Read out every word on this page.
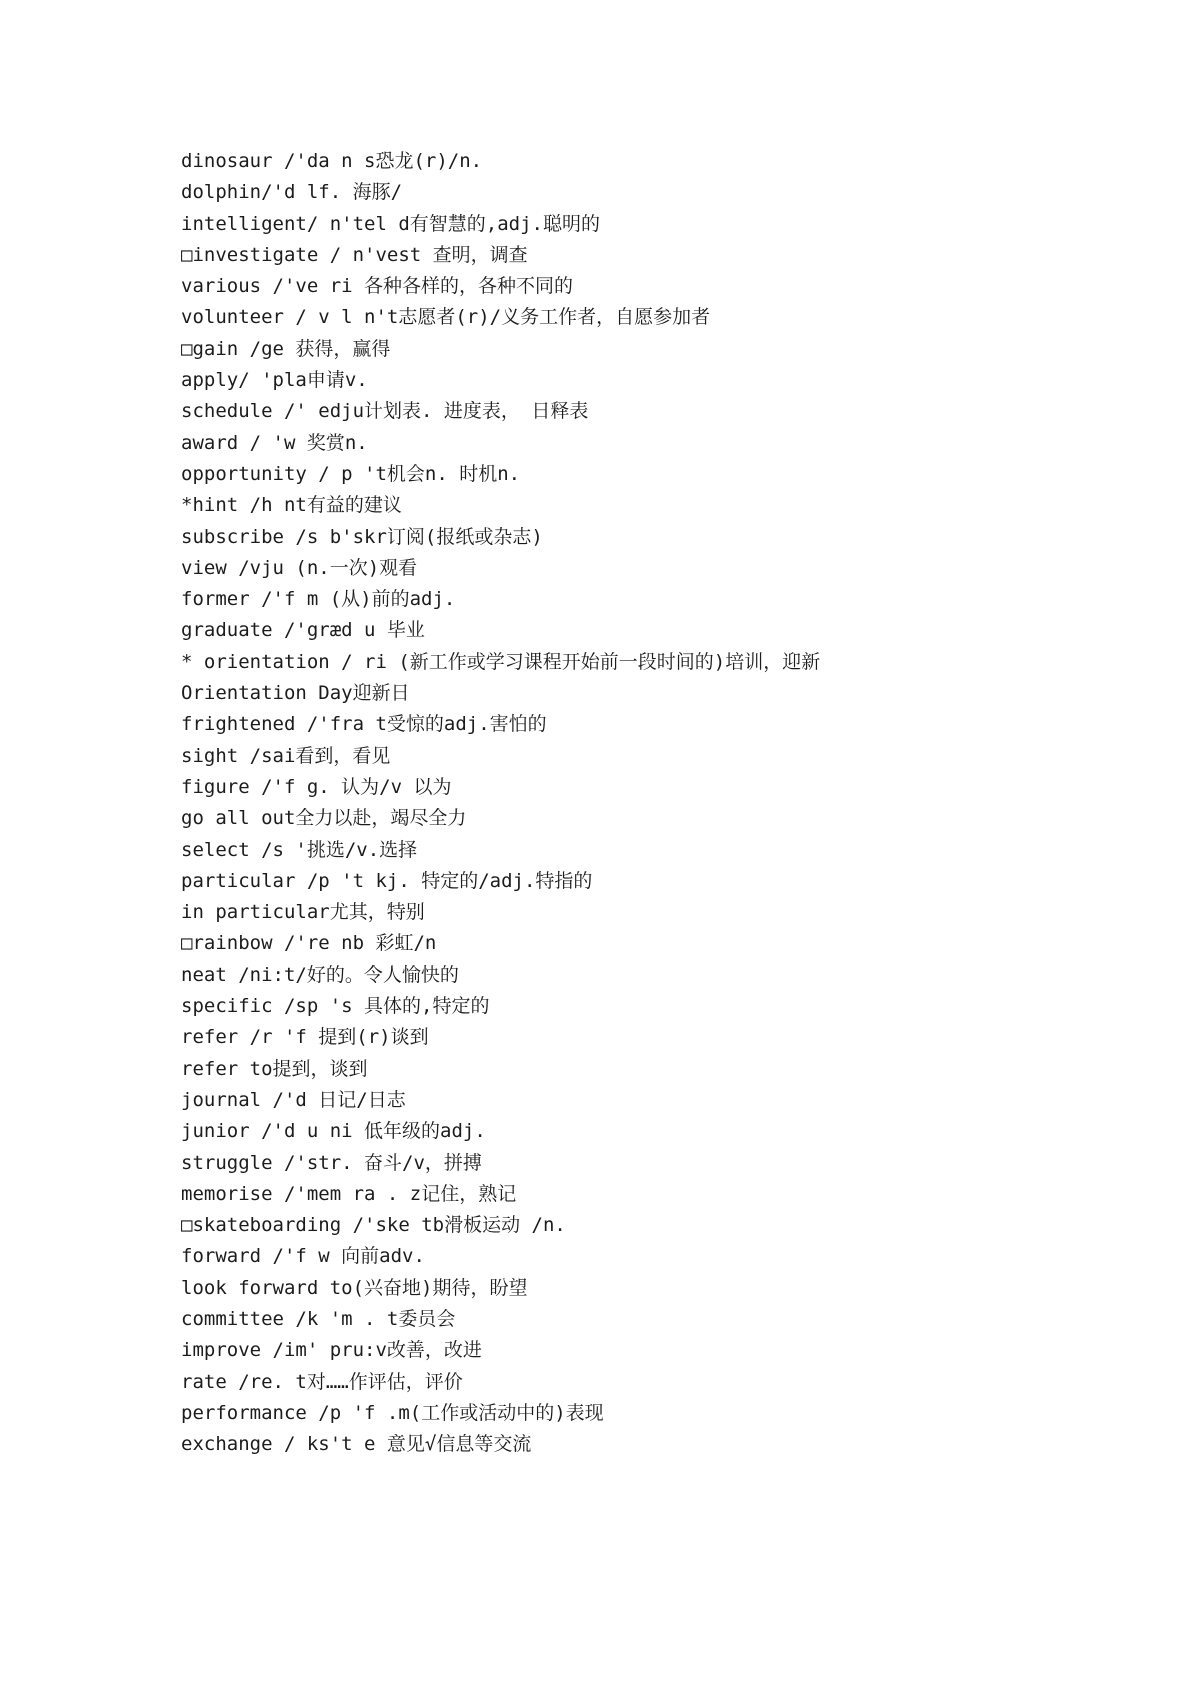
dinosaur /'da n s恐龙(r)/n.
dolphin/'d lf. 海豚/
intelligent/ n'tel d有智慧的,adj.聪明的
□investigate / n'vest 查明，调查
various /'ve ri 各种各样的，各种不同的
volunteer / v l n't志愿者(r)/义务工作者，自愿参加者
□gain /ge 获得，赢得
apply/ 'pla申请v.
schedule /' edju计划表. 进度表， 日释表
award / 'w 奖赏n.
opportunity / p 't机会n. 时机n.
*hint /h nt有益的建议
subscribe /s b'skr订阅(报纸或杂志)
view /vju (n.一次)观看
former /'f m (从)前的adj.
graduate /'græd u 毕业
* orientation / ri (新工作或学习课程开始前一段时间的)培训，迎新
Orientation Day迎新日
frightened /'fra t受惊的adj.害怕的
sight /sai看到，看见
figure /'f g. 认为/v 以为
go all out全力以赴，竭尽全力
select /s '挑选/v.选择
particular /p 't kj. 特定的/adj.特指的
in particular尤其，特别
□rainbow /'re nb 彩虹/n
neat /ni:t/好的。令人愉快的
specific /sp 's 具体的,特定的
refer /r 'f 提到(r)谈到
refer to提到，谈到
journal /'d 日记/日志
junior /'d u ni 低年级的adj.
struggle /'str. 奋斗/v，拼搏
memorise /'mem ra . z记住，熟记
□skateboarding /'ske tb滑板运动 /n.
forward /'f w 向前adv.
look forward to(兴奋地)期待，盼望
committee /k 'm . t委员会
improve /im' pru:v改善，改进
rate /re. t对……作评估，评价
performance /p 'f .m(工作或活动中的)表现
exchange / ks't e 意见√信息等交流
